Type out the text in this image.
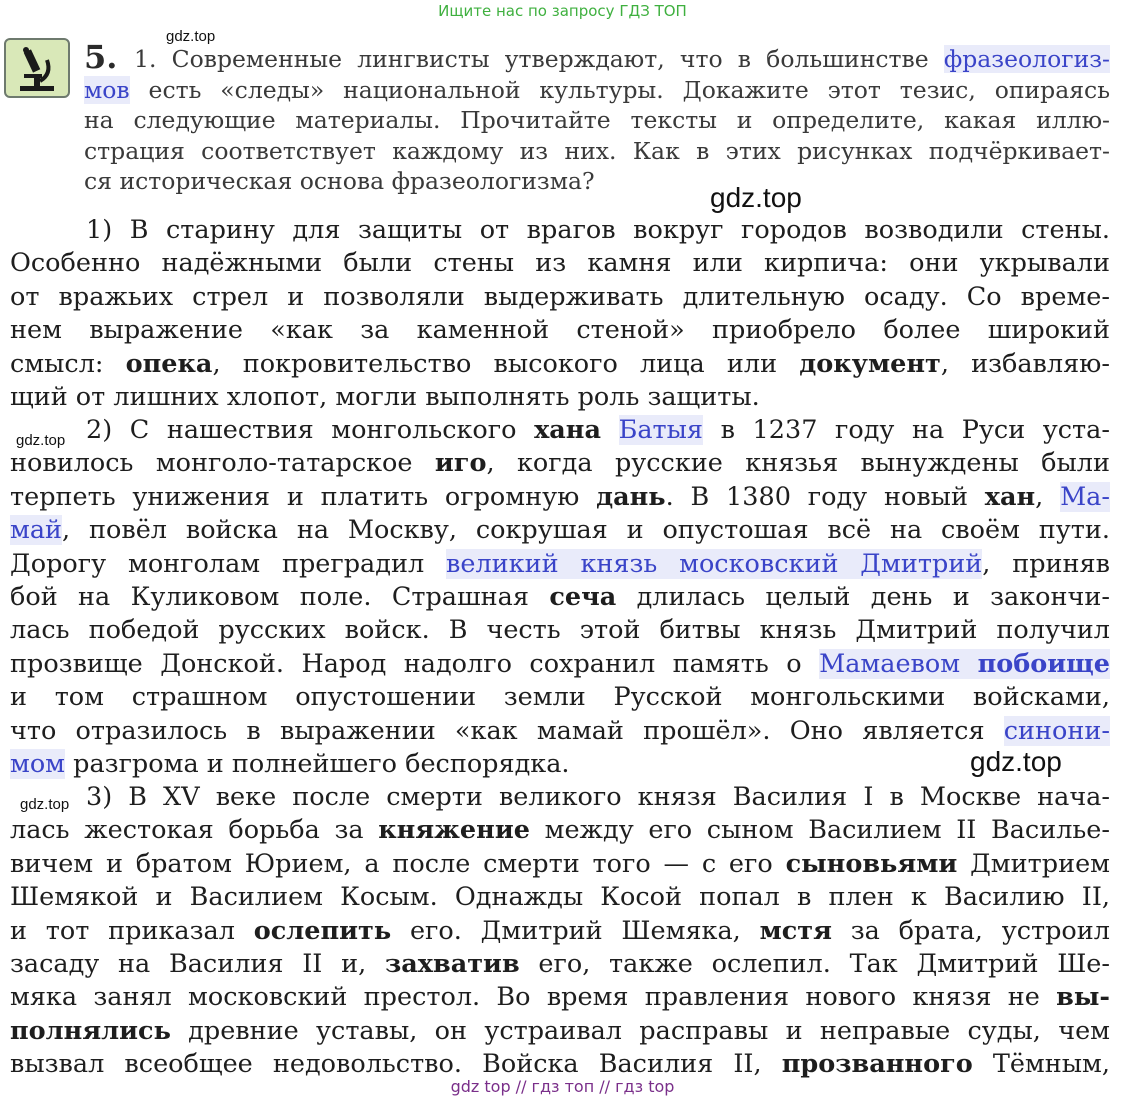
Ищите нас по запросу ГДЗ ТОП
gdz.top
gdz.top
gdz.top
gdz.top
gdz.top
5. 1. Современные лингвисты утверждают, что в большинстве фразеологиз-
мов есть «следы» национальной культуры. Докажите этот тезис, опираясь
на следующие материалы. Прочитайте тексты и определите, какая иллю-
страция соответствует каждому из них. Как в этих рисунках подчёркивает-
ся историческая основа фразеологизма?
1) В старину для защиты от врагов вокруг городов возводили стены.
Особенно надёжными были стены из камня или кирпича: они укрывали
от вражьих стрел и позволяли выдерживать длительную осаду. Со време-
нем выражение «как за каменной стеной» приобрело более широкий
смысл: опека, покровительство высокого лица или документ, избавляю-
щий от лишних хлопот, могли выполнять роль защиты.
2) С нашествия монгольского хана Батыя в 1237 году на Руси уста-
новилось монголо-татарское иго, когда русские князья вынуждены были
терпеть унижения и платить огромную дань. В 1380 году новый хан, Ма-
май, повёл войска на Москву, сокрушая и опустошая всё на своём пути.
Дорогу монголам преградил великий князь московский Дмитрий, приняв
бой на Куликовом поле. Страшная сеча длилась целый день и закончи-
лась победой русских войск. В честь этой битвы князь Дмитрий получил
прозвище Донской. Народ надолго сохранил память о Мамаевом побоище
и том страшном опустошении земли Русской монгольскими войсками,
что отразилось в выражении «как мамай прошёл». Оно является синони-
мом разгрома и полнейшего беспорядка.
3) В XV веке после смерти великого князя Василия I в Москве нача-
лась жестокая борьба за княжение между его сыном Василием II Василье-
вичем и братом Юрием, а после смерти того — с его сыновьями Дмитрием
Шемякой и Василием Косым. Однажды Косой попал в плен к Василию II,
и тот приказал ослепить его. Дмитрий Шемяка, мстя за брата, устроил
засаду на Василия II и, захватив его, также ослепил. Так Дмитрий Ше-
мяка занял московский престол. Во время правления нового князя не вы-
полнялись древние уставы, он устраивал расправы и неправые суды, чем
вызвал всеобщее недовольство. Войска Василия II, прозванного Тёмным,
gdz top // гдз топ // гдз top
